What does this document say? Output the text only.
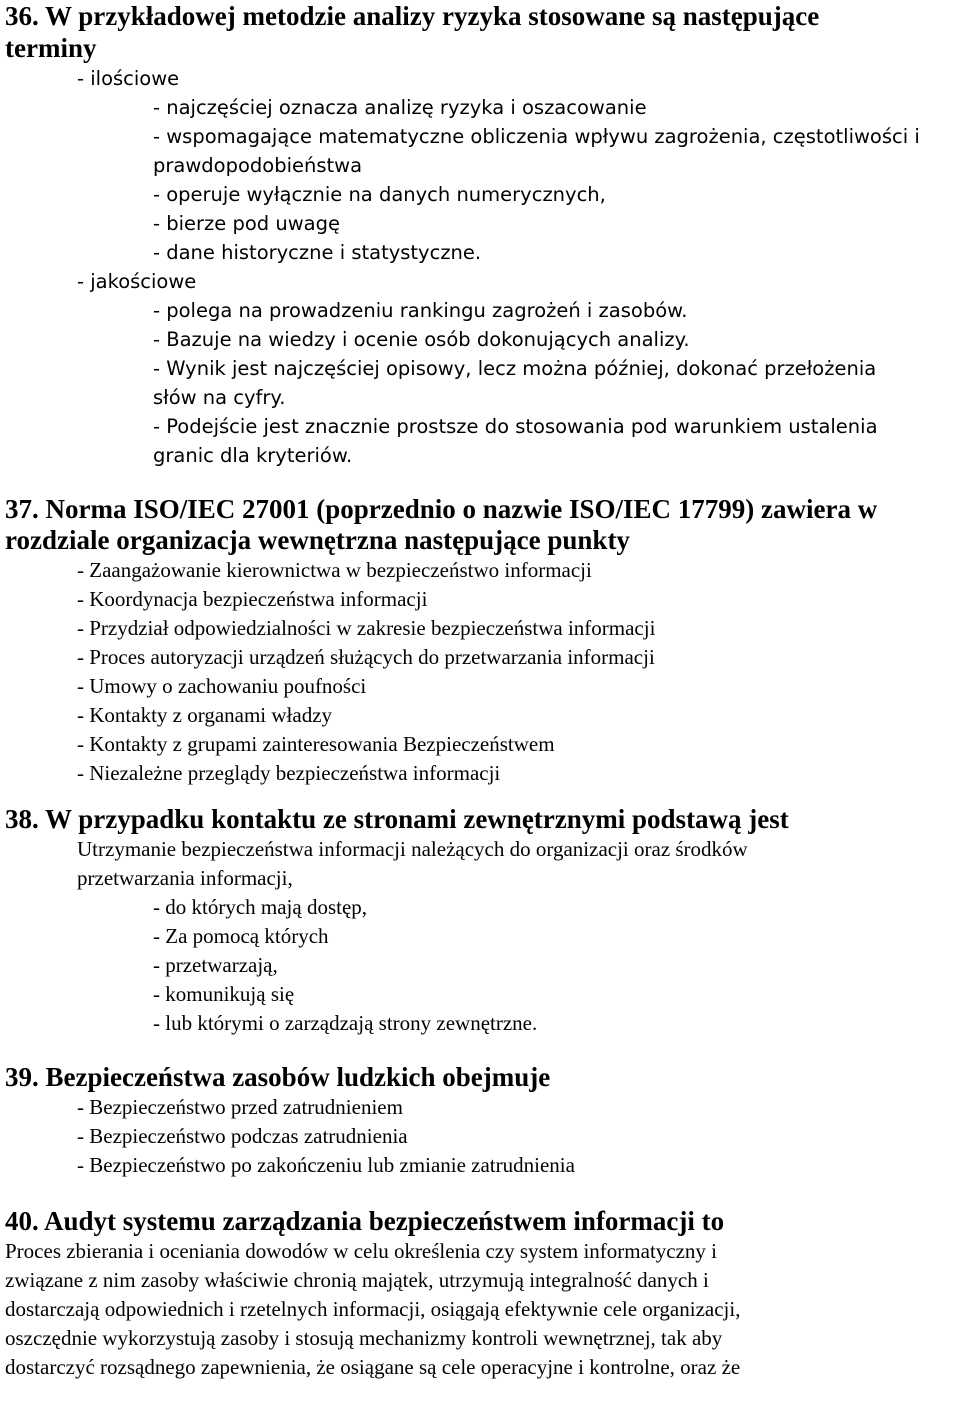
36. W przykładowej metodzie analizy ryzyka stosowane są następujące

terminy

- ilościowe

- najczęściej oznacza analizę ryzyka i oszacowanie

- wspomagające matematyczne obliczenia wpływu zagrożenia, częstotliwości i

prawdopodobieństwa

- operuje wyłącznie na danych numerycznych,

- bierze pod uwagę

- dane historyczne i statystyczne.

- jakościowe

- polega na prowadzeniu rankingu zagrożeń i zasobów.

- Bazuje na wiedzy i ocenie osób dokonujących analizy.

- Wynik jest najczęściej opisowy, lecz można później, dokonać przełożenia

słów na cyfry.

- Podejście jest znacznie prostsze do stosowania pod warunkiem ustalenia

granic dla kryteriów.

37. Norma ISO/IEC 27001 (poprzednio o nazwie ISO/IEC 17799) zawiera w

rozdziale organizacja wewnętrzna następujące punkty

- Zaangażowanie kierownictwa w bezpieczeństwo informacji

- Koordynacja bezpieczeństwa informacji

- Przydział odpowiedzialności w zakresie bezpieczeństwa informacji

- Proces autoryzacji urządzeń służących do przetwarzania informacji

- Umowy o zachowaniu poufności

- Kontakty z organami władzy

- Kontakty z grupami zainteresowania Bezpieczeństwem

- Niezależne przeglądy bezpieczeństwa informacji

38. W przypadku kontaktu ze stronami zewnętrznymi podstawą jest

Utrzymanie bezpieczeństwa informacji należących do organizacji oraz środków

przetwarzania informacji,

- do których mają dostęp,

- Za pomocą których

- przetwarzają,

- komunikują się

- lub którymi o zarządzają strony zewnętrzne.

39. Bezpieczeństwa zasobów ludzkich obejmuje

- Bezpieczeństwo przed zatrudnieniem

- Bezpieczeństwo podczas zatrudnienia

- Bezpieczeństwo po zakończeniu lub zmianie zatrudnienia

40. Audyt systemu zarządzania bezpieczeństwem informacji to

Proces zbierania i oceniania dowodów w celu określenia czy system informatyczny i

związane z nim zasoby właściwie chronią majątek, utrzymują integralność danych i

dostarczają odpowiednich i rzetelnych informacji, osiągają efektywnie cele organizacji,

oszczędnie wykorzystują zasoby i stosują mechanizmy kontroli wewnętrznej, tak aby

dostarczyć rozsądnego zapewnienia, że osiągane są cele operacyjne i kontrolne, oraz że
